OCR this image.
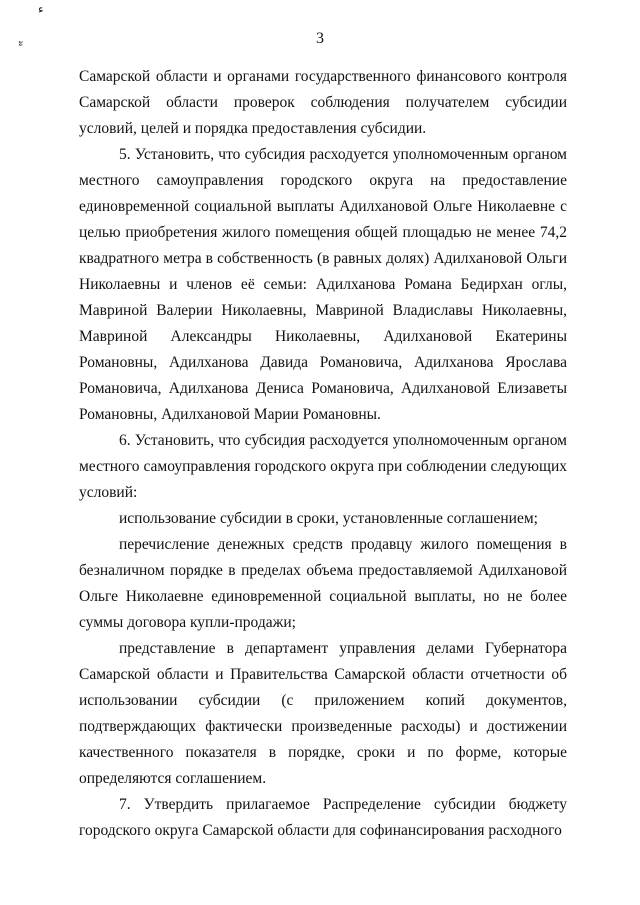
ء
ะ	3

Самарской области и органами государственного финансового контроля Самарской области проверок соблюдения получателем субсидии условий, целей и порядка предоставления субсидии.

5. Установить, что субсидия расходуется уполномоченным органом местного самоуправления городского округа на предоставление единовременной социальной выплаты Адилхановой Ольге Николаевне с целью приобретения жилого помещения общей площадью не менее 74,2 квадратного метра в собственность (в равных долях) Адилхановой Ольги Николаевны и членов её семьи: Адилханова Романа Бедирхан оглы, Мавриной Валерии Николаевны, Мавриной Владиславы Николаевны, Мавриной Александры Николаевны, Адилхановой Екатерины Романовны, Адилханова Давида Романовича, Адилханова Ярослава Романовича, Адилханова Дениса Романовича, Адилхановой Елизаветы Романовны, Адилхановой Марии Романовны.

6. Установить, что субсидия расходуется уполномоченным органом местного самоуправления городского округа при соблюдении следующих условий:

использование субсидии в сроки, установленные соглашением;

перечисление денежных средств продавцу жилого помещения в безналичном порядке в пределах объема предоставляемой Адилхановой Ольге Николаевне единовременной социальной выплаты, но не более суммы договора купли-продажи;

представление в департамент управления делами Губернатора Самарской области и Правительства Самарской области отчетности об использовании субсидии (с приложением копий документов, подтверждающих фактически произведенные расходы) и достижении качественного показателя в порядке, сроки и по форме, которые определяются соглашением.

7. Утвердить прилагаемое Распределение субсидии бюджету городского округа Самарской области для софинансирования расходного
